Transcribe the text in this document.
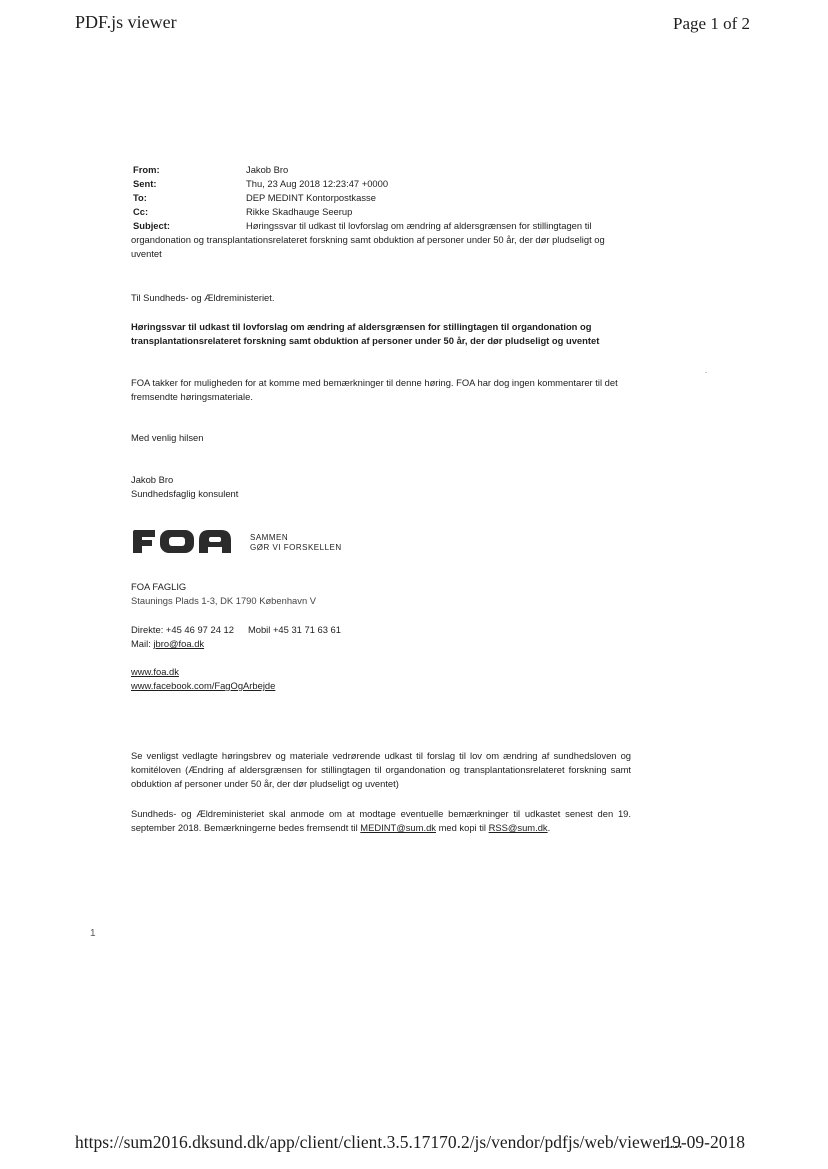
PDF.js viewer	Page 1 of 2
From:	Jakob Bro
Sent:	Thu, 23 Aug 2018 12:23:47 +0000
To:	DEP MEDINT Kontorpostkasse
Cc:	Rikke Skadhauge Seerup
Subject:	Høringssvar til udkast til lovforslag om ændring af aldersgrænsen for stillingtagen til organdonation og transplantationsrelateret forskning samt obduktion af personer under 50 år, der dør pludseligt og uventet
Til Sundheds- og Ældreministeriet.
Høringssvar til udkast til lovforslag om ændring af aldersgrænsen for stillingtagen til organdonation og transplantationsrelateret forskning samt obduktion af personer under 50 år, der dør pludseligt og uventet
FOA takker for muligheden for at komme med bemærkninger til denne høring. FOA har dog ingen kommentarer til det fremsendte høringsmateriale.
Med venlig hilsen
Jakob Bro
Sundhedsfaglig konsulent
SAMMEN
GØR VI FORSKELLEN
FOA FAGLIG
Staunings Plads 1-3, DK 1790 København V
Direkte: +45 46 97 24 12 Mobil +45 31 71 63 61
Mail: jbro@foa.dk
www.foa.dk
www.facebook.com/FagOgArbejde
Se venligst vedlagte høringsbrev og materiale vedrørende udkast til forslag til lov om ændring af sundhedsloven og komitéloven (Ændring af aldersgrænsen for stillingtagen til organdonation og transplantationsrelateret forskning samt obduktion af personer under 50 år, der dør pludseligt og uventet)
Sundheds- og Ældreministeriet skal anmode om at modtage eventuelle bemærkninger til udkastet senest den 19. september 2018. Bemærkningerne bedes fremsendt til MEDINT@sum.dk med kopi til RSS@sum.dk.
1
https://sum2016.dksund.dk/app/client/client.3.5.17170.2/js/vendor/pdfjs/web/viewer....
19-09-2018
